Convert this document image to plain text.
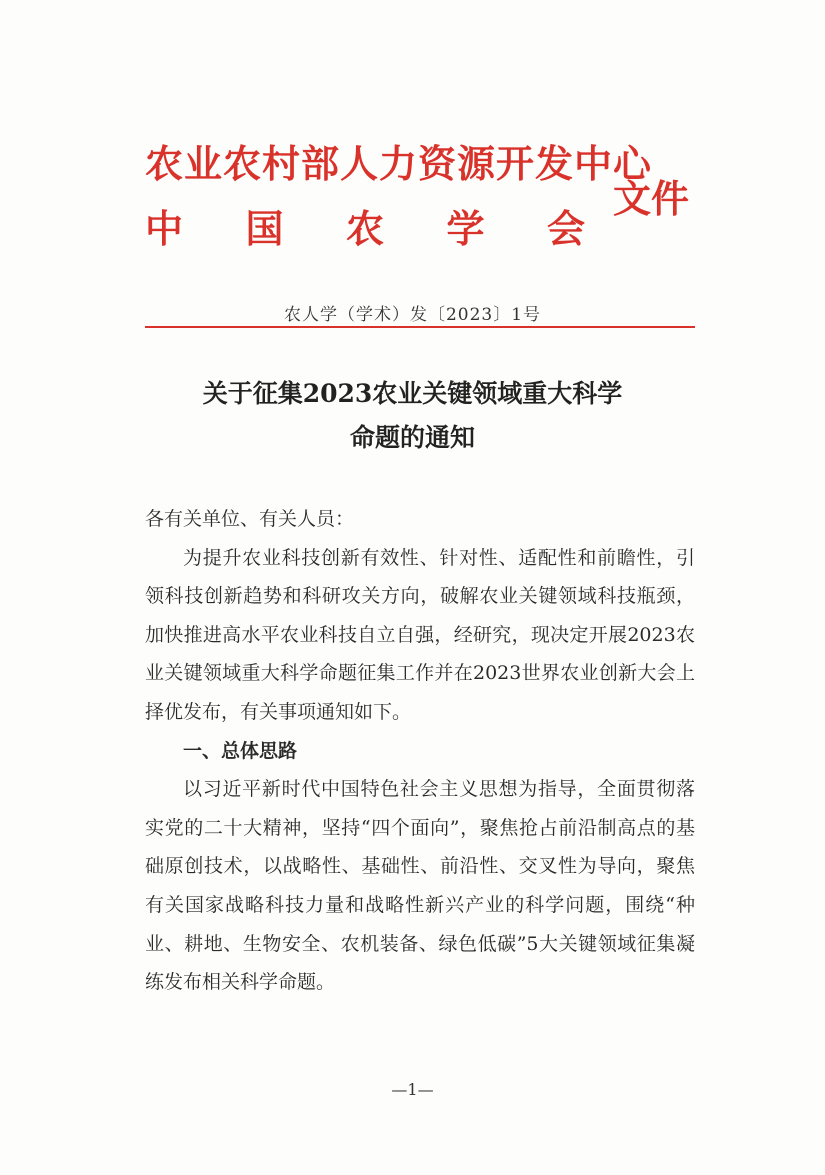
农业农村部人力资源开发中心
中 国 农 学 会
文件
农人学（学术）发〔2023〕1号
关于征集2023农业关键领域重大科学
命题的通知

各有关单位、有关人员：

为提升农业科技创新有效性、针对性、适配性和前瞻性，引领科技创新趋势和科研攻关方向，破解农业关键领域科技瓶颈，加快推进高水平农业科技自立自强，经研究，现决定开展2023农业关键领域重大科学命题征集工作并在2023世界农业创新大会上择优发布，有关事项通知如下。

一、总体思路

以习近平新时代中国特色社会主义思想为指导，全面贯彻落实党的二十大精神，坚持“四个面向”，聚焦抢占前沿制高点的基础原创技术，以战略性、基础性、前沿性、交叉性为导向，聚焦有关国家战略科技力量和战略性新兴产业的科学问题，围绕“种业、耕地、生物安全、农机装备、绿色低碳”5大关键领域征集凝练发布相关科学命题。

—1—
